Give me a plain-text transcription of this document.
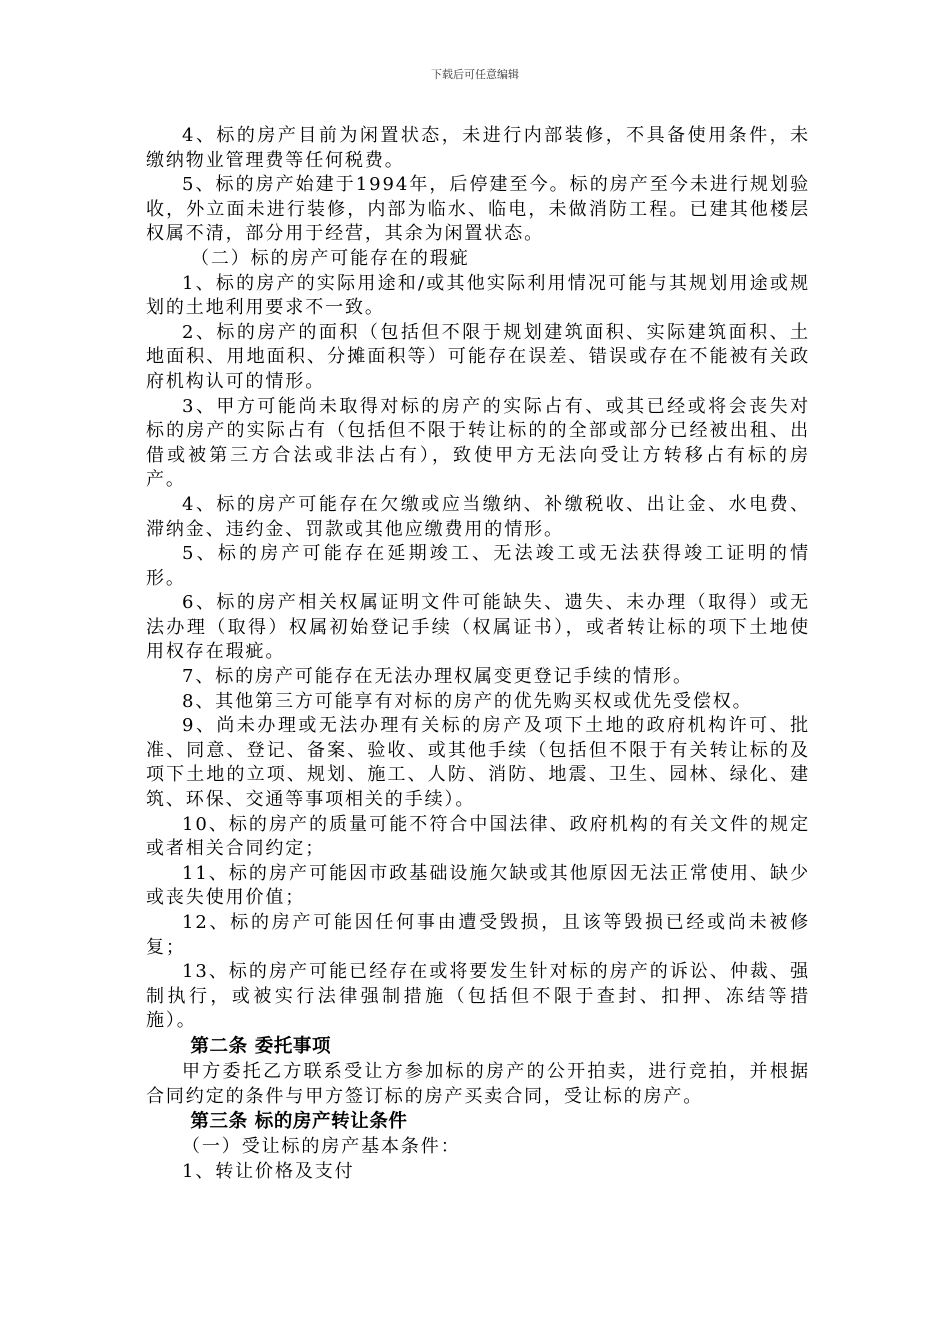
下载后可任意编辑

4、标的房产目前为闲置状态，未进行内部装修，不具备使用条件，未缴纳物业管理费等任何税费。

5、标的房产始建于1994年，后停建至今。标的房产至今未进行规划验收，外立面未进行装修，内部为临水、临电，未做消防工程。已建其他楼层权属不清，部分用于经营，其余为闲置状态。

（二）标的房产可能存在的瑕疵

1、标的房产的实际用途和/或其他实际利用情况可能与其规划用途或规划的土地利用要求不一致。

2、标的房产的面积（包括但不限于规划建筑面积、实际建筑面积、土地面积、用地面积、分摊面积等）可能存在误差、错误或存在不能被有关政府机构认可的情形。

3、甲方可能尚未取得对标的房产的实际占有、或其已经或将会丧失对标的房产的实际占有（包括但不限于转让标的的全部或部分已经被出租、出借或被第三方合法或非法占有），致使甲方无法向受让方转移占有标的房产。

4、标的房产可能存在欠缴或应当缴纳、补缴税收、出让金、水电费、滞纳金、违约金、罚款或其他应缴费用的情形。

5、标的房产可能存在延期竣工、无法竣工或无法获得竣工证明的情形。

6、标的房产相关权属证明文件可能缺失、遗失、未办理（取得）或无法办理（取得）权属初始登记手续（权属证书），或者转让标的项下土地使用权存在瑕疵。

7、标的房产可能存在无法办理权属变更登记手续的情形。

8、其他第三方可能享有对标的房产的优先购买权或优先受偿权。

9、尚未办理或无法办理有关标的房产及项下土地的政府机构许可、批准、同意、登记、备案、验收、或其他手续（包括但不限于有关转让标的及项下土地的立项、规划、施工、人防、消防、地震、卫生、园林、绿化、建筑、环保、交通等事项相关的手续）。

10、标的房产的质量可能不符合中国法律、政府机构的有关文件的规定或者相关合同约定；

11、标的房产可能因市政基础设施欠缺或其他原因无法正常使用、缺少或丧失使用价值；

12、标的房产可能因任何事由遭受毁损，且该等毁损已经或尚未被修复；

13、标的房产可能已经存在或将要发生针对标的房产的诉讼、仲裁、强制执行，或被实行法律强制措施（包括但不限于查封、扣押、冻结等措施）。

第二条 委托事项

甲方委托乙方联系受让方参加标的房产的公开拍卖，进行竞拍，并根据合同约定的条件与甲方签订标的房产买卖合同，受让标的房产。

第三条 标的房产转让条件

（一）受让标的房产基本条件：

1、转让价格及支付
